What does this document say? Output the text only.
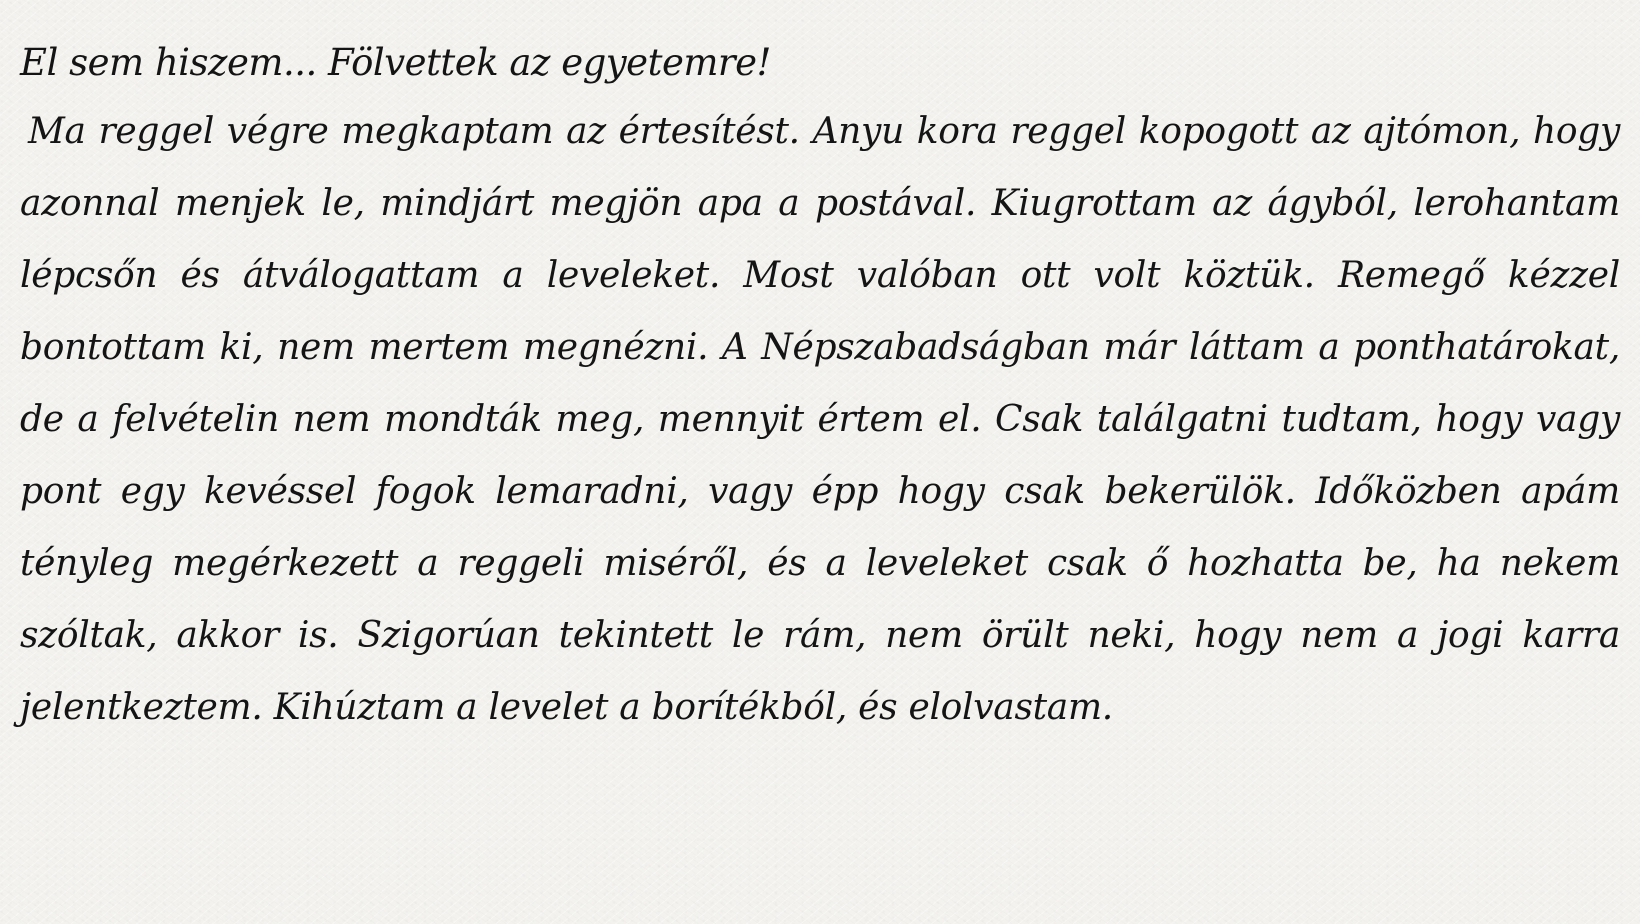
El sem hiszem... Fölvettek az egyetemre!

Ma reggel végre megkaptam az értesítést. Anyu kora reggel kopogott az ajtómon, hogy azonnal menjek le, mindjárt megjön apa a postával. Kiugrottam az ágyból, lerohantam lépcsőn és átválogattam a leveleket. Most valóban ott volt köztük. Remegő kézzel bontottam ki, nem mertem megnézni. A Népszabadságban már láttam a ponthatárokat, de a felvételin nem mondták meg, mennyit értem el. Csak találgatni tudtam, hogy vagy pont egy kevéssel fogok lemaradni, vagy épp hogy csak bekerülök. Időközben apám tényleg megérkezett a reggeli miséről, és a leveleket csak ő hozhatta be, ha nekem szóltak, akkor is. Szigorúan tekintett le rám, nem örült neki, hogy nem a jogi karra jelentkeztem. Kihúztam a levelet a borítékból, és elolvastam.
